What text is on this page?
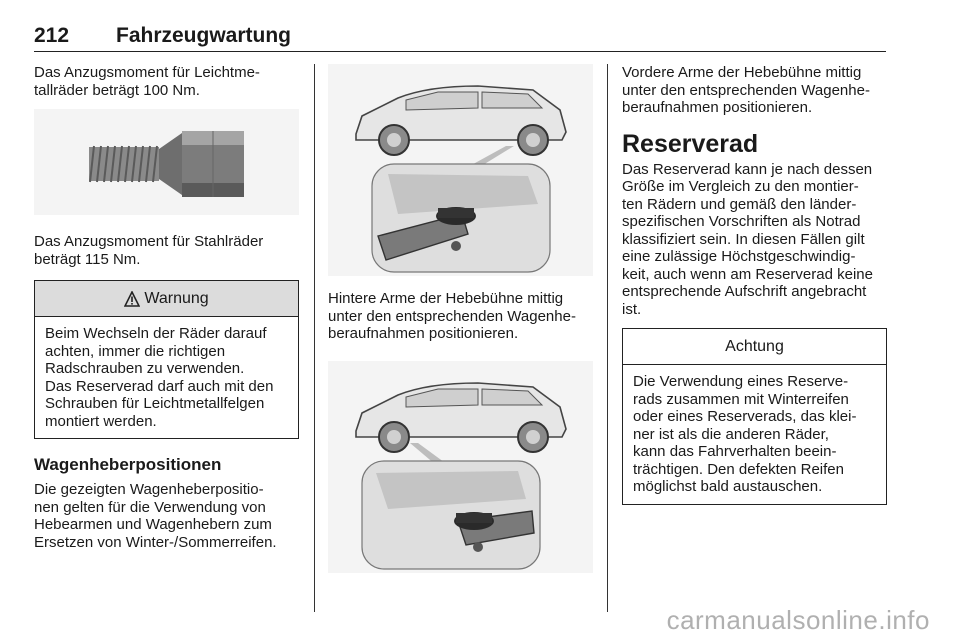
212 Fahrzeugwartung

Das Anzugsmoment für Leichtme-
tallräder beträgt 100 Nm.

Das Anzugsmoment für Stahlräder
beträgt 115 Nm.

Warnung

Beim Wechseln der Räder darauf
achten, immer die richtigen
Radschrauben zu verwenden.
Das Reserverad darf auch mit den
Schrauben für Leichtmetallfelgen
montiert werden.

Wagenheberpositionen

Die gezeigten Wagenheberpositio-
nen gelten für die Verwendung von
Hebearmen und Wagenhebern zum
Ersetzen von Winter-/Sommerreifen.

Hintere Arme der Hebebühne mittig
unter den entsprechenden Wagenhe-
beraufnahmen positionieren.

Vordere Arme der Hebebühne mittig
unter den entsprechenden Wagenhe-
beraufnahmen positionieren.

Reserverad

Das Reserverad kann je nach dessen
Größe im Vergleich zu den montier-
ten Rädern und gemäß den länder-
spezifischen Vorschriften als Notrad
klassifiziert sein. In diesen Fällen gilt
eine zulässige Höchstgeschwindig-
keit, auch wenn am Reserverad keine
entsprechende Aufschrift angebracht
ist.

Achtung

Die Verwendung eines Reserve-
rads zusammen mit Winterreifen
oder eines Reserverads, das klei-
ner ist als die anderen Räder,
kann das Fahrverhalten beein-
trächtigen. Den defekten Reifen
möglichst bald austauschen.

carmanualsonline.info
